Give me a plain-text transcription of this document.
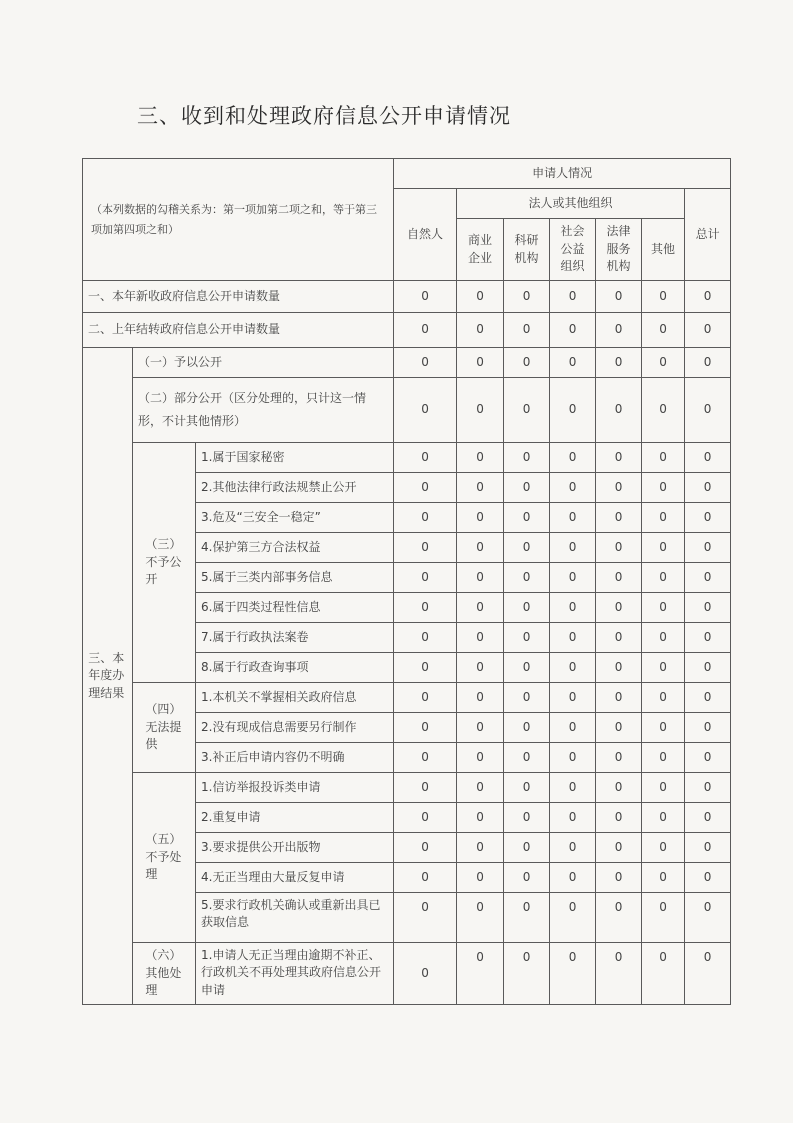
三、收到和处理政府信息公开申请情况
（本列数据的勾稽关系为：第一项加第二项之和，等于第三项加第四项之和）			申请人情况						
			自然人	法人或其他组织					总计

				商业企业	科研机构	社会公益组织	法律服务机构	其他	
一、本年新收政府信息公开申请数量			0	0	0	0	0	0	0
二、上年结转政府信息公开申请数量			0	0	0	0	0	0	0

三、本年度办理结果	（一）予以公开		0	0	0	0	0	0	0
	（二）部分公开（区分处理的，只计这一情形，不计其他情形）		0	0	0	0	0	0	0

	（三）不予公开	1.属于国家秘密	0	0	0	0	0	0	0
		2.其他法律行政法规禁止公开	0	0	0	0	0	0	0
		3.危及“三安全一稳定”	0	0	0	0	0	0	0
		4.保护第三方合法权益	0	0	0	0	0	0	0
		5.属于三类内部事务信息	0	0	0	0	0	0	0
		6.属于四类过程性信息	0	0	0	0	0	0	0
		7.属于行政执法案卷	0	0	0	0	0	0	0
		8.属于行政查询事项	0	0	0	0	0	0	0

	（四）无法提供	1.本机关不掌握相关政府信息	0	0	0	0	0	0	0
		2.没有现成信息需要另行制作	0	0	0	0	0	0	0
		3.补正后申请内容仍不明确	0	0	0	0	0	0	0

	（五）不予处理	1.信访举报投诉类申请	0	0	0	0	0	0	0
		2.重复申请	0	0	0	0	0	0	0
		3.要求提供公开出版物	0	0	0	0	0	0	0
		4.无正当理由大量反复申请	0	0	0	0	0	0	0
		5.要求行政机关确认或重新出具已获取信息	0	0	0	0	0	0	0

	（六）其他处理	1.申请人无正当理由逾期不补正、行政机关不再处理其政府信息公开申请	0	0	0	0	0	0	0
